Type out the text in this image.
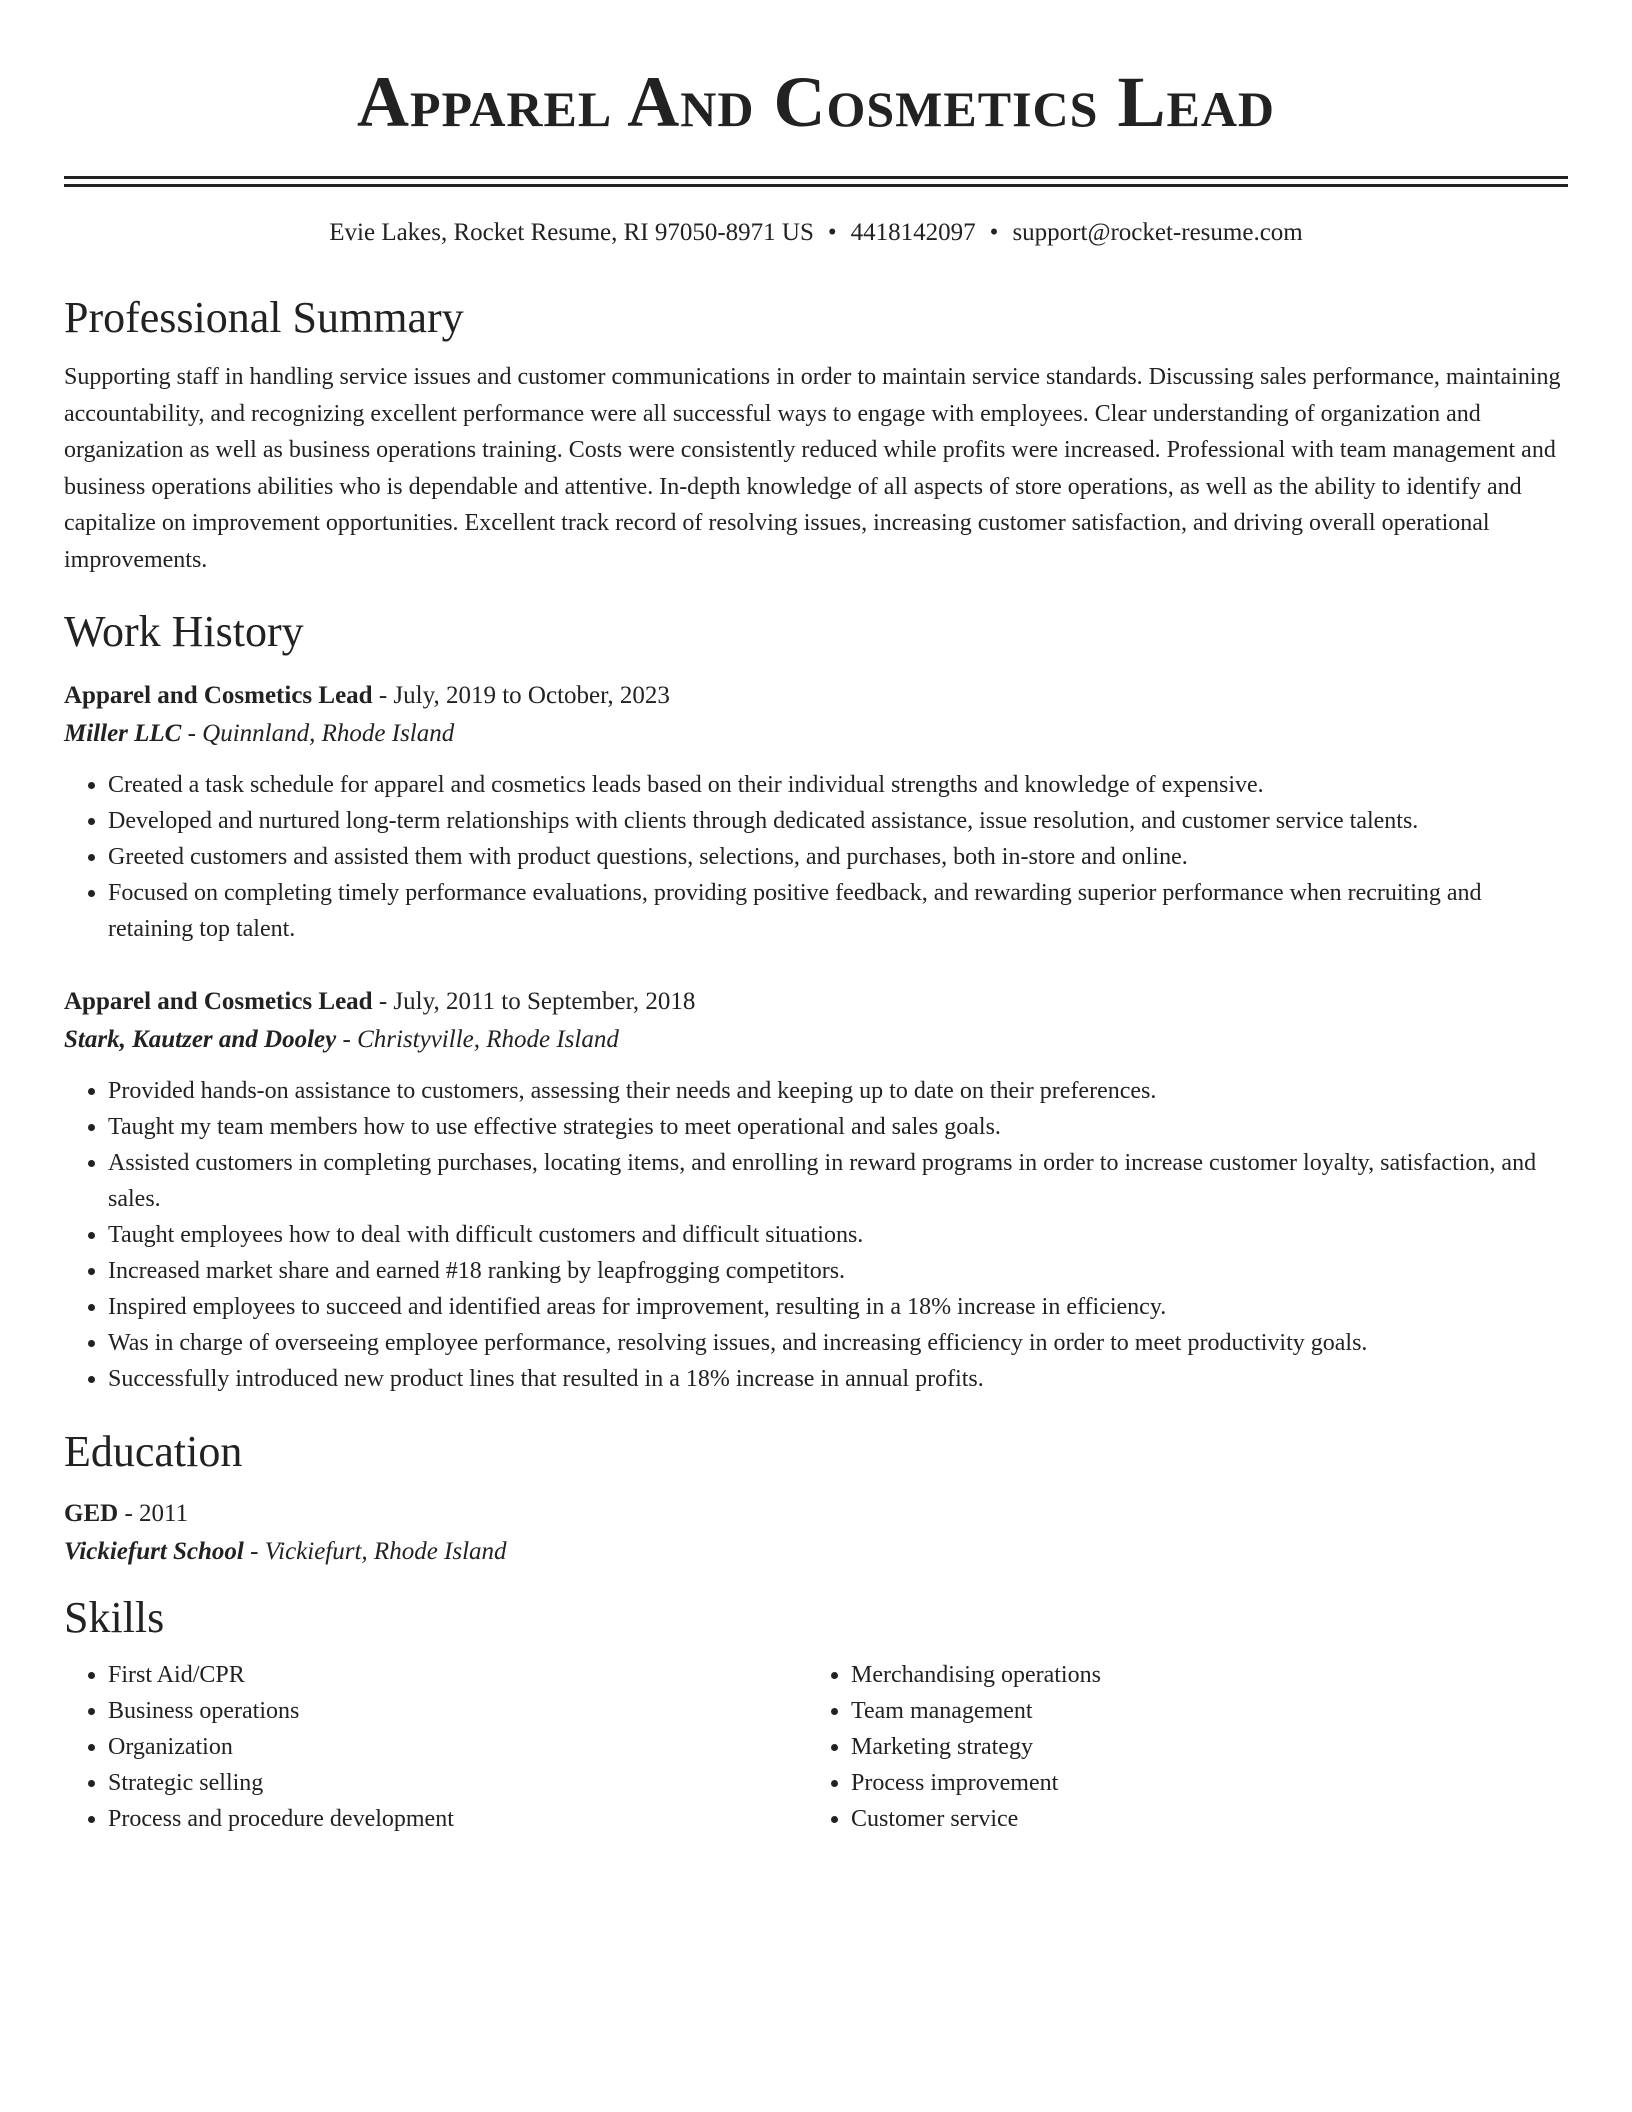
Apparel And Cosmetics Lead
Evie Lakes, Rocket Resume, RI 97050-8971 US • 4418142097 • support@rocket-resume.com
Professional Summary

Supporting staff in handling service issues and customer communications in order to maintain service standards. Discussing sales performance, maintaining accountability, and recognizing excellent performance were all successful ways to engage with employees. Clear understanding of organization and organization as well as business operations training. Costs were consistently reduced while profits were increased. Professional with team management and business operations abilities who is dependable and attentive. In-depth knowledge of all aspects of store operations, as well as the ability to identify and capitalize on improvement opportunities. Excellent track record of resolving issues, increasing customer satisfaction, and driving overall operational improvements.

Work History
Apparel and Cosmetics Lead - July, 2019 to October, 2023
Miller LLC - Quinnland, Rhode Island
• Created a task schedule for apparel and cosmetics leads based on their individual strengths and knowledge of expensive.
• Developed and nurtured long-term relationships with clients through dedicated assistance, issue resolution, and customer service talents.
• Greeted customers and assisted them with product questions, selections, and purchases, both in-store and online.
• Focused on completing timely performance evaluations, providing positive feedback, and rewarding superior performance when recruiting and retaining top talent.
Apparel and Cosmetics Lead - July, 2011 to September, 2018
Stark, Kautzer and Dooley - Christyville, Rhode Island
• Provided hands-on assistance to customers, assessing their needs and keeping up to date on their preferences.
• Taught my team members how to use effective strategies to meet operational and sales goals.
• Assisted customers in completing purchases, locating items, and enrolling in reward programs in order to increase customer loyalty, satisfaction, and sales.
• Taught employees how to deal with difficult customers and difficult situations.
• Increased market share and earned #18 ranking by leapfrogging competitors.
• Inspired employees to succeed and identified areas for improvement, resulting in a 18% increase in efficiency.
• Was in charge of overseeing employee performance, resolving issues, and increasing efficiency in order to meet productivity goals.
• Successfully introduced new product lines that resulted in a 18% increase in annual profits.
Education
GED - 2011
Vickiefurt School - Vickiefurt, Rhode Island
Skills
• First Aid/CPR
• Business operations
• Organization
• Strategic selling
• Process and procedure development
• Merchandising operations
• Team management
• Marketing strategy
• Process improvement
• Customer service
